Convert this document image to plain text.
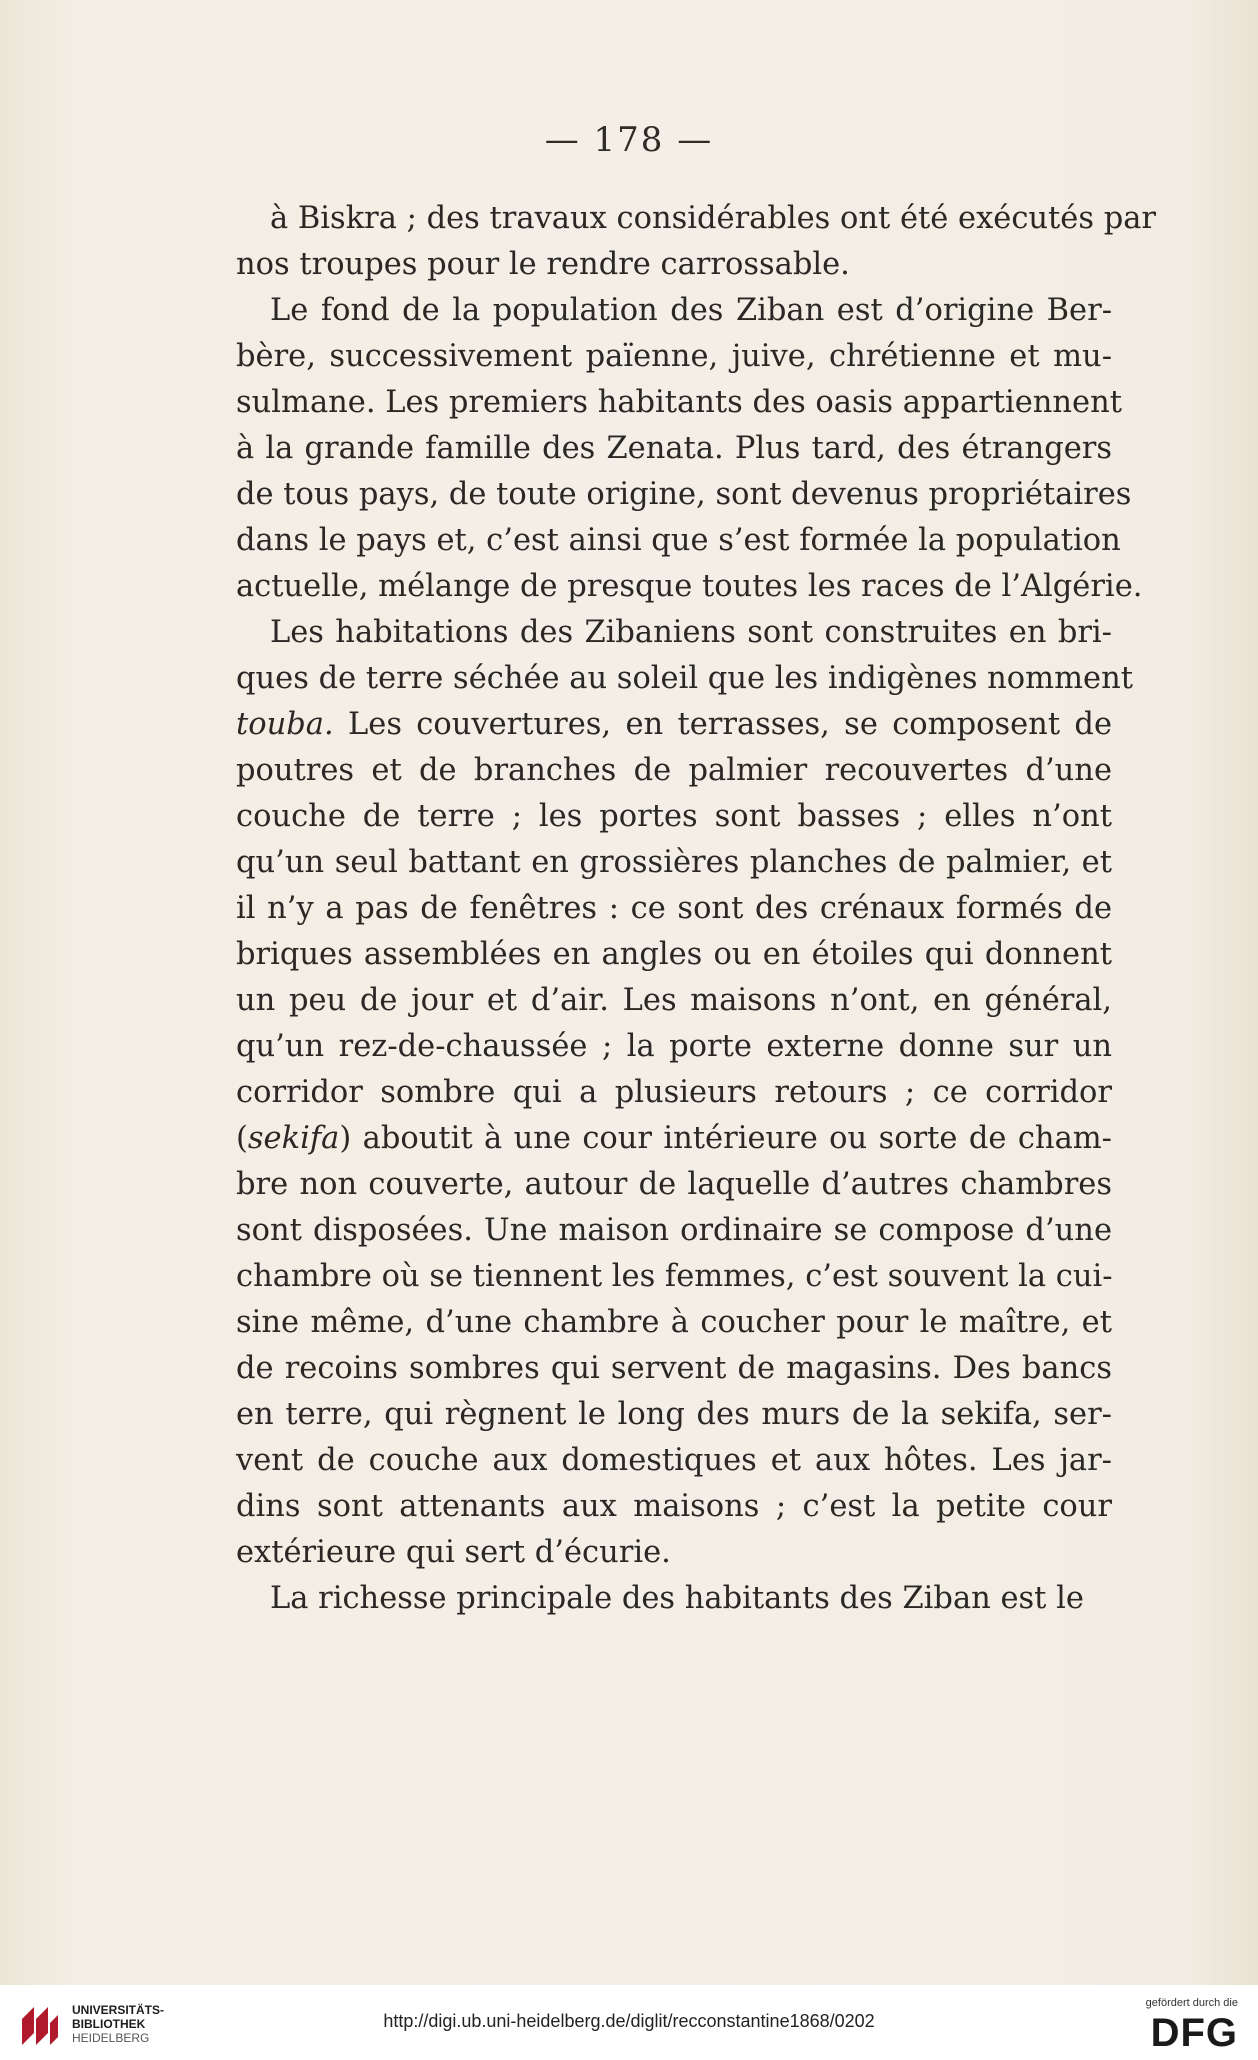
— 178 —
à Biskra ; des travaux considérables ont été exécutés par
nos troupes pour le rendre carrossable.
Le fond de la population des Ziban est d’origine Ber-
bère, successivement païenne, juive, chrétienne et mu-
sulmane. Les premiers habitants des oasis appartiennent
à la grande famille des Zenata. Plus tard, des étrangers
de tous pays, de toute origine, sont devenus propriétaires
dans le pays et, c’est ainsi que s’est formée la population
actuelle, mélange de presque toutes les races de l’Algérie.
Les habitations des Zibaniens sont construites en bri-
ques de terre séchée au soleil que les indigènes nomment
touba. Les couvertures, en terrasses, se composent de
poutres et de branches de palmier recouvertes d’une
couche de terre ; les portes sont basses ; elles n’ont
qu’un seul battant en grossières planches de palmier, et
il n’y a pas de fenêtres : ce sont des crénaux formés de
briques assemblées en angles ou en étoiles qui donnent
un peu de jour et d’air. Les maisons n’ont, en général,
qu’un rez-de-chaussée ; la porte externe donne sur un
corridor sombre qui a plusieurs retours ; ce corridor
(sekifa) aboutit à une cour intérieure ou sorte de cham-
bre non couverte, autour de laquelle d’autres chambres
sont disposées. Une maison ordinaire se compose d’une
chambre où se tiennent les femmes, c’est souvent la cui-
sine même, d’une chambre à coucher pour le maître, et
de recoins sombres qui servent de magasins. Des bancs
en terre, qui règnent le long des murs de la sekifa, ser-
vent de couche aux domestiques et aux hôtes. Les jar-
dins sont attenants aux maisons ; c’est la petite cour
extérieure qui sert d’écurie.
La richesse principale des habitants des Ziban est le
UNIVERSITÄTS-
BIBLIOTHEK
HEIDELBERG
http://digi.ub.uni-heidelberg.de/diglit/recconstantine1868/0202
gefördert durch die
DFG
